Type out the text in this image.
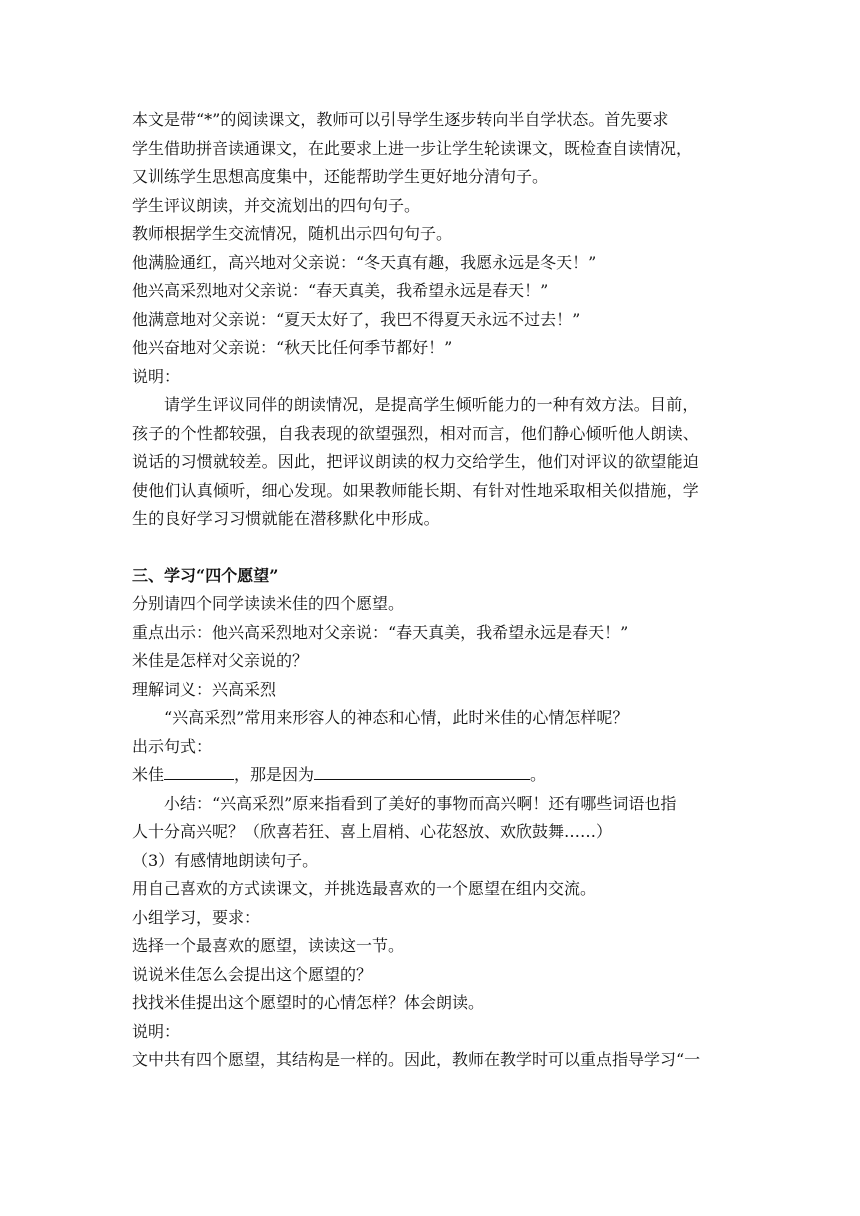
本文是带“*”的阅读课文，教师可以引导学生逐步转向半自学状态。首先要求
学生借助拼音读通课文，在此要求上进一步让学生轮读课文，既检查自读情况，
又训练学生思想高度集中，还能帮助学生更好地分清句子。
学生评议朗读，并交流划出的四句句子。
教师根据学生交流情况，随机出示四句句子。
他满脸通红，高兴地对父亲说：“冬天真有趣，我愿永远是冬天！”
他兴高采烈地对父亲说：“春天真美，我希望永远是春天！”
他满意地对父亲说：“夏天太好了，我巴不得夏天永远不过去！”
他兴奋地对父亲说：“秋天比任何季节都好！”
说明：
请学生评议同伴的朗读情况，是提高学生倾听能力的一种有效方法。目前，
孩子的个性都较强，自我表现的欲望强烈，相对而言，他们静心倾听他人朗读、
说话的习惯就较差。因此，把评议朗读的权力交给学生，他们对评议的欲望能迫
使他们认真倾听，细心发现。如果教师能长期、有针对性地采取相关似措施，学
生的良好学习习惯就能在潜移默化中形成。
三、学习“四个愿望”
分别请四个同学读读米佳的四个愿望。
重点出示：他兴高采烈地对父亲说：“春天真美，我希望永远是春天！”
米佳是怎样对父亲说的？
理解词义：兴高采烈
“兴高采烈”常用来形容人的神态和心情，此时米佳的心情怎样呢？
出示句式：
米佳	，那是因为	。
小结：“兴高采烈”原来指看到了美好的事物而高兴啊！还有哪些词语也指
人十分高兴呢？（欣喜若狂、喜上眉梢、心花怒放、欢欣鼓舞……）
（3）有感情地朗读句子。
用自己喜欢的方式读课文，并挑选最喜欢的一个愿望在组内交流。
小组学习，要求：
选择一个最喜欢的愿望，读读这一节。
说说米佳怎么会提出这个愿望的？
找找米佳提出这个愿望时的心情怎样？体会朗读。
说明：
文中共有四个愿望，其结构是一样的。因此，教师在教学时可以重点指导学习“一
